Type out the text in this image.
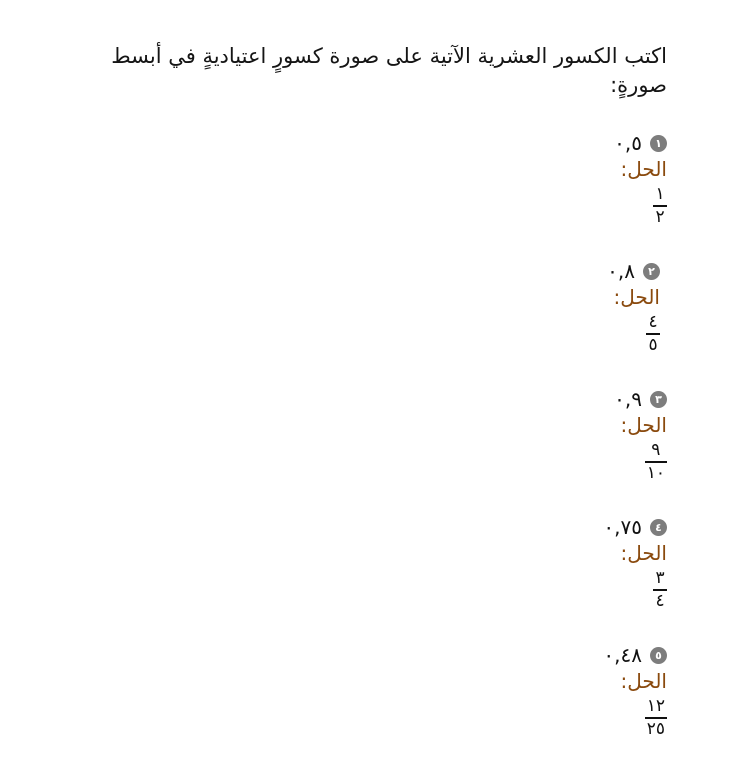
اكتب الكسور العشرية الآتية على صورة كسورٍ اعتياديةٍ في أبسط صورةٍ:
١
٠,٥
الحل:
$\frac{١}{٢}$
٢
٠,٨
الحل:
$\frac{٤}{٥}$
٣
٠,٩
الحل:
$\frac{٩}{١٠}$
٤
٠,٧٥
الحل:
$\frac{٣}{٤}$
٥
٠,٤٨
الحل:
$\frac{١٢}{٢٥}$
